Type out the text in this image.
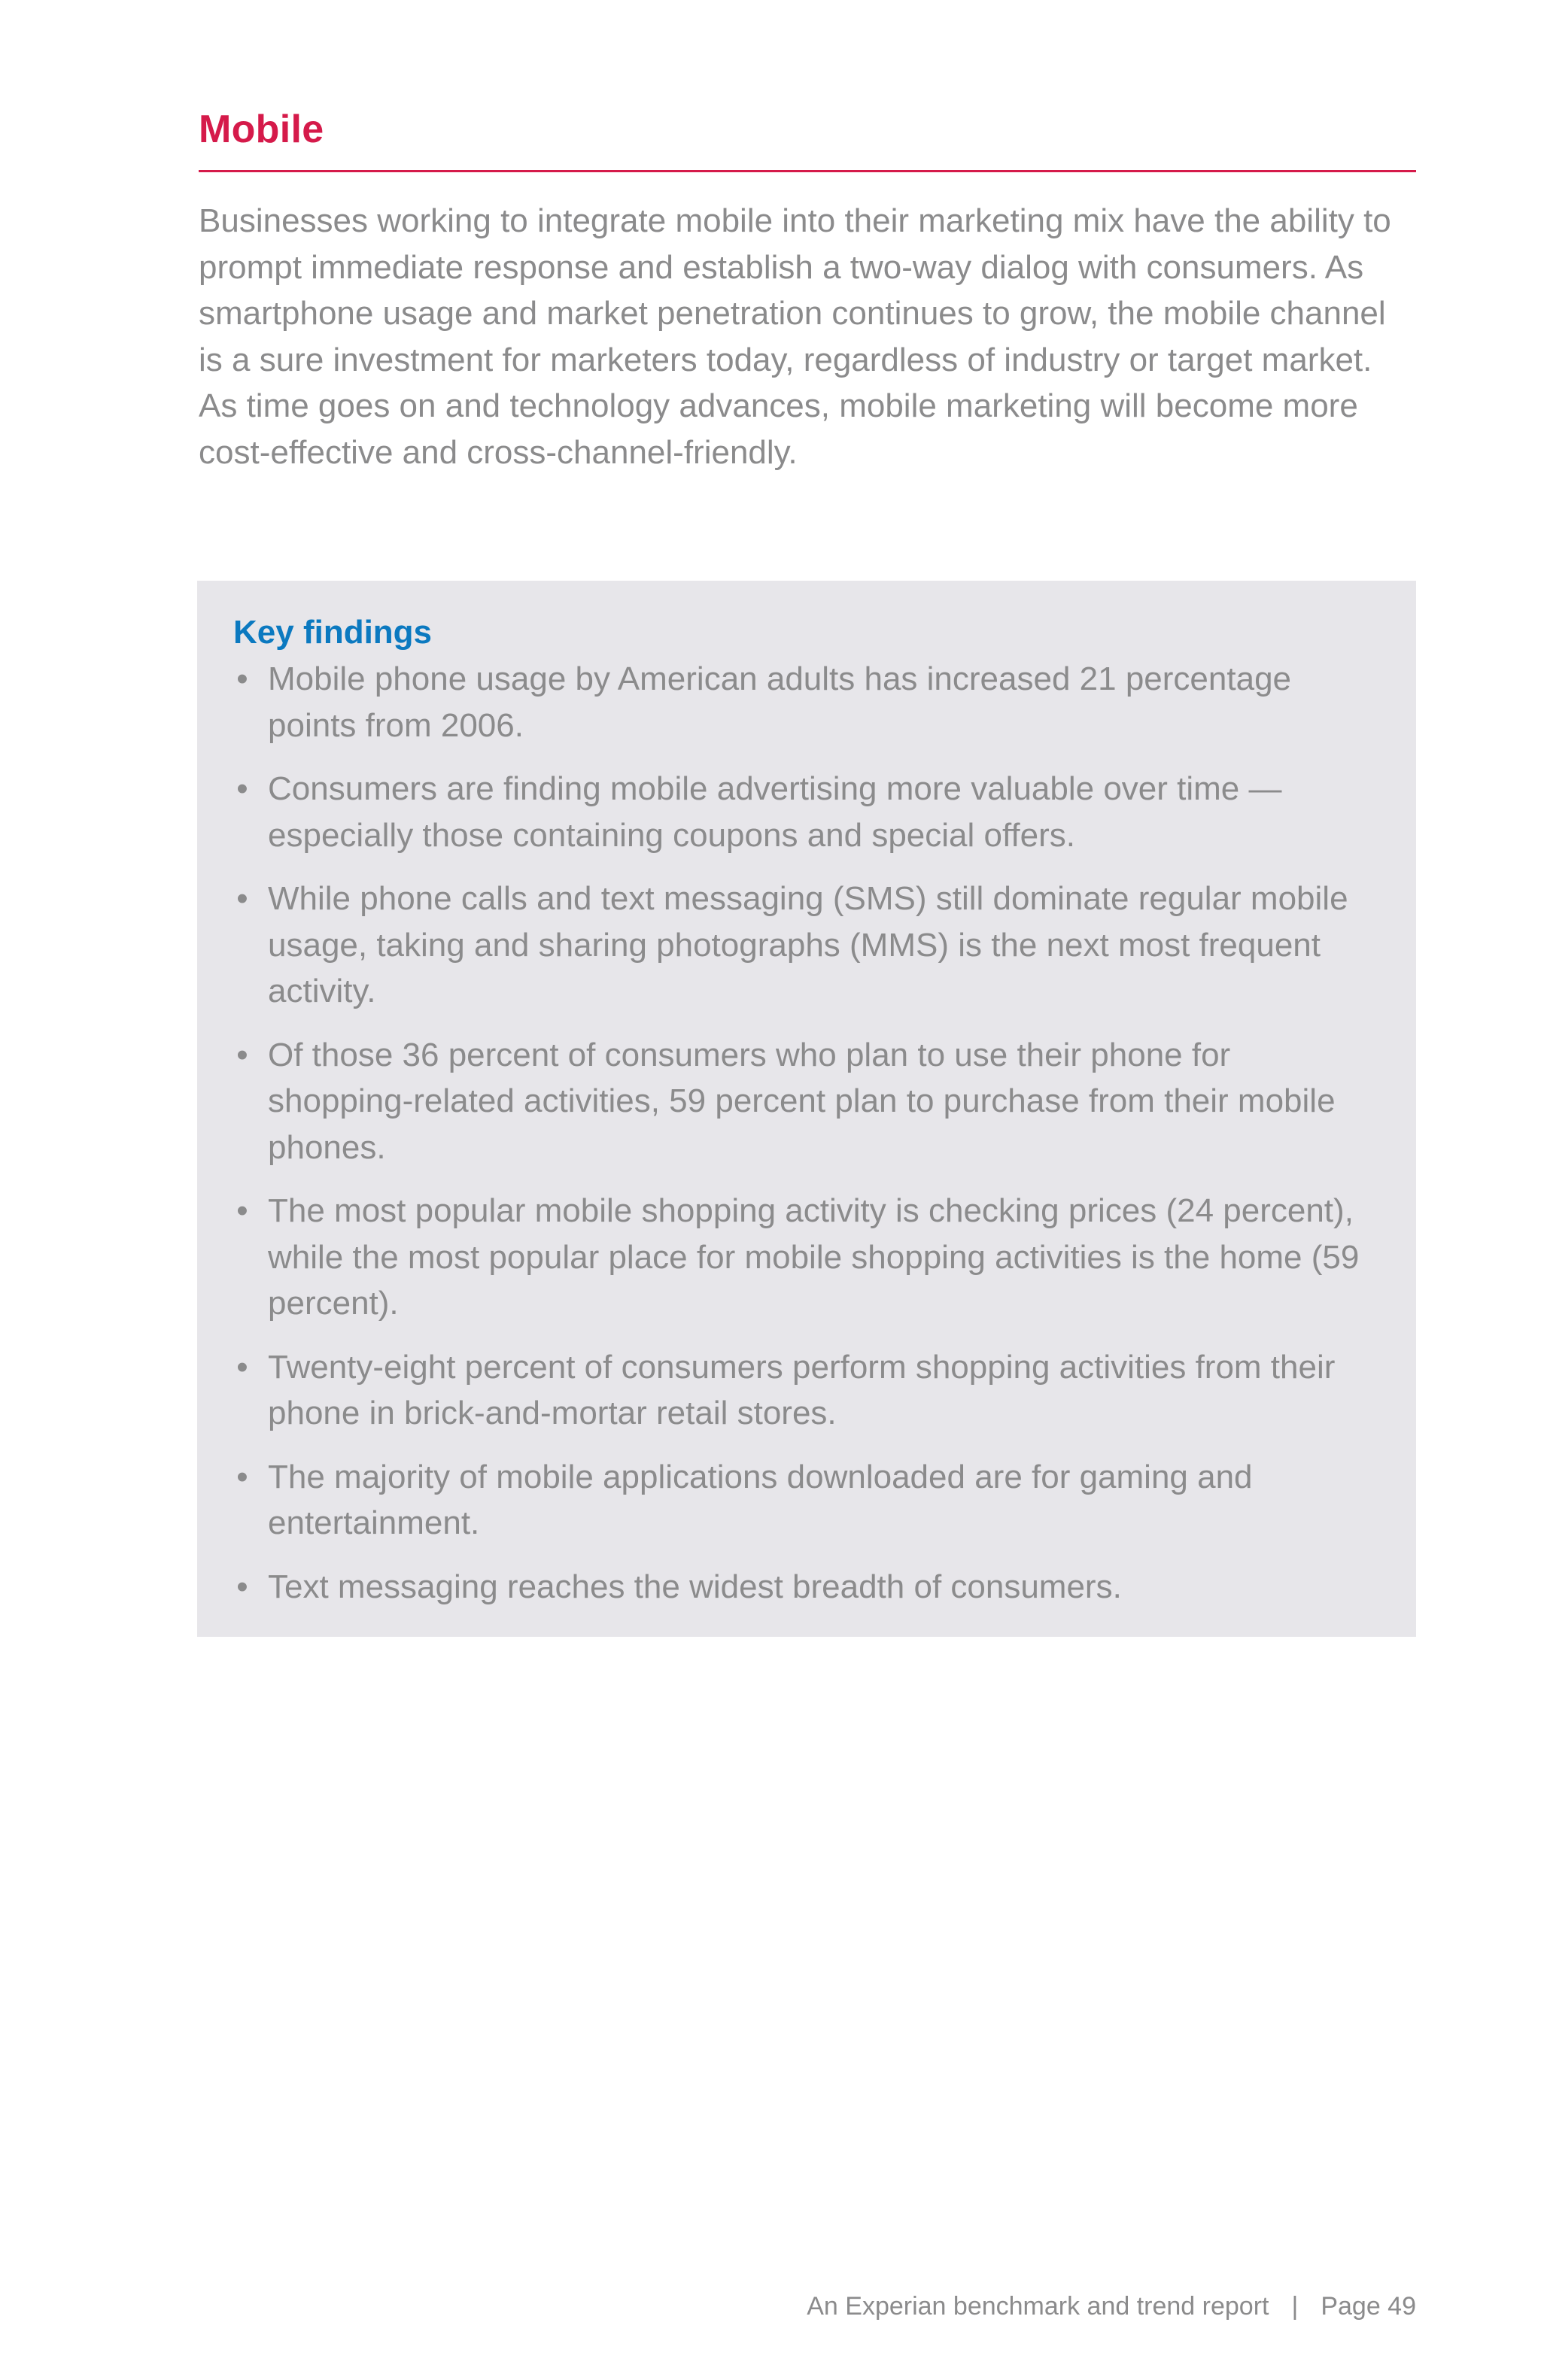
Mobile

Businesses working to integrate mobile into their marketing mix have the ability to prompt immediate response and establish a two-way dialog with consumers. As smartphone usage and market penetration continues to grow, the mobile channel is a sure investment for marketers today, regardless of industry or target market. As time goes on and technology advances, mobile marketing will become more cost-effective and cross-channel-friendly.

Key findings
• Mobile phone usage by American adults has increased 21 percentage points from 2006.
• Consumers are finding mobile advertising more valuable over time — especially those containing coupons and special offers.
• While phone calls and text messaging (SMS) still dominate regular mobile usage, taking and sharing photographs (MMS) is the next most frequent activity.
• Of those 36 percent of consumers who plan to use their phone for shopping-related activities, 59 percent plan to purchase from their mobile phones.
• The most popular mobile shopping activity is checking prices (24 percent), while the most popular place for mobile shopping activities is the home (59 percent).
• Twenty-eight percent of consumers perform shopping activities from their phone in brick-and-mortar retail stores.
• The majority of mobile applications downloaded are for gaming and entertainment.
• Text messaging reaches the widest breadth of consumers.
An Experian benchmark and trend report | Page 49
